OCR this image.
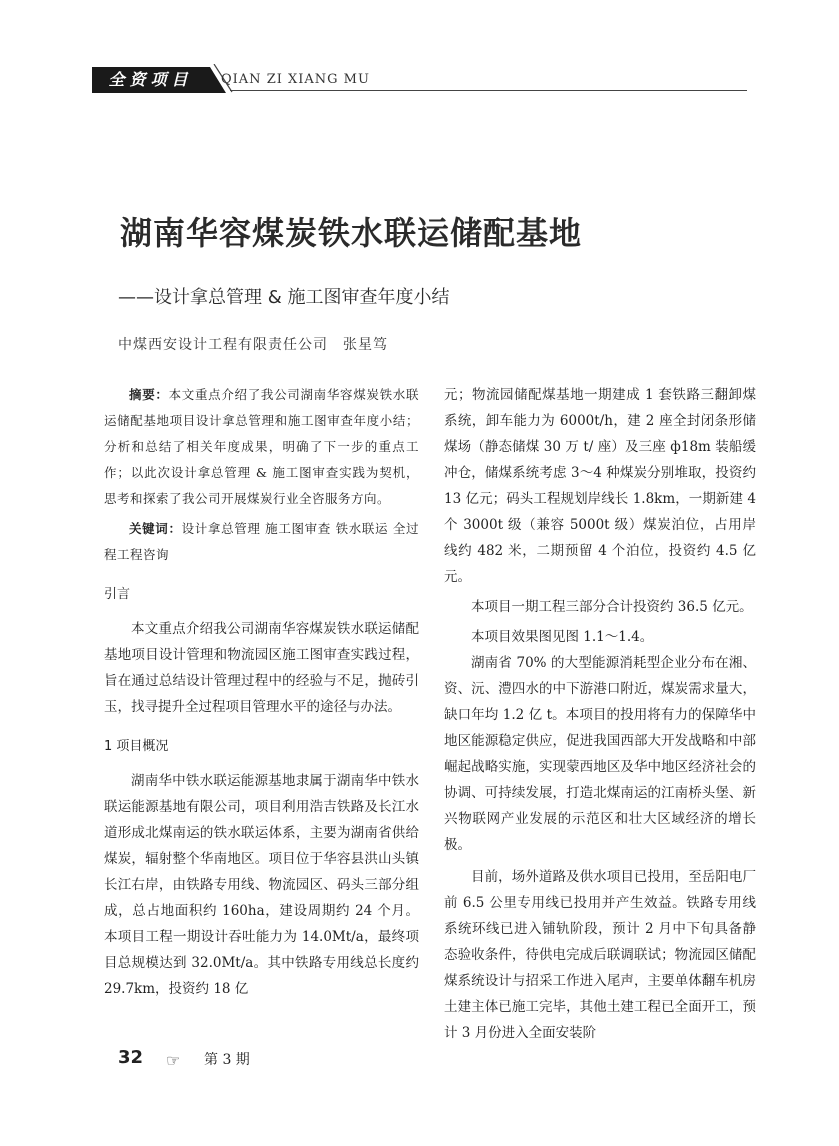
全资项目	QIAN ZI XIANG MU
湖南华容煤炭铁水联运储配基地
——设计拿总管理 & 施工图审查年度小结
中煤西安设计工程有限责任公司　张星笃

摘要：本文重点介绍了我公司湖南华容煤炭铁水联运储配基地项目设计拿总管理和施工图审查年度小结；分析和总结了相关年度成果，明确了下一步的重点工作；以此次设计拿总管理 & 施工图审查实践为契机，思考和探索了我公司开展煤炭行业全咨服务方向。

关键词：设计拿总管理 施工图审查 铁水联运 全过程工程咨询

引言

本文重点介绍我公司湖南华容煤炭铁水联运储配基地项目设计管理和物流园区施工图审查实践过程，旨在通过总结设计管理过程中的经验与不足，抛砖引玉，找寻提升全过程项目管理水平的途径与办法。

1 项目概况

湖南华中铁水联运能源基地隶属于湖南华中铁水联运能源基地有限公司，项目利用浩吉铁路及长江水道形成北煤南运的铁水联运体系，主要为湖南省供给煤炭，辐射整个华南地区。项目位于华容县洪山头镇长江右岸，由铁路专用线、物流园区、码头三部分组成，总占地面积约 160ha，建设周期约 24 个月。本项目工程一期设计吞吐能力为 14.0Mt/a，最终项目总规模达到 32.0Mt/a。其中铁路专用线总长度约 29.7km，投资约 18 亿

元；物流园储配煤基地一期建成 1 套铁路三翻卸煤系统，卸车能力为 6000t/h，建 2 座全封闭条形储煤场（静态储煤 30 万 t/ 座）及三座 ф18m 装船缓冲仓，储煤系统考虑 3～4 种煤炭分别堆取，投资约 13 亿元；码头工程规划岸线长 1.8km，一期新建 4 个 3000t 级（兼容 5000t 级）煤炭泊位，占用岸线约 482 米，二期预留 4 个泊位，投资约 4.5 亿元。

本项目一期工程三部分合计投资约 36.5 亿元。

本项目效果图见图 1.1～1.4。

湖南省 70% 的大型能源消耗型企业分布在湘、资、沅、澧四水的中下游港口附近，煤炭需求量大，缺口年均 1.2 亿 t。本项目的投用将有力的保障华中地区能源稳定供应，促进我国西部大开发战略和中部崛起战略实施，实现蒙西地区及华中地区经济社会的协调、可持续发展，打造北煤南运的江南桥头堡、新兴物联网产业发展的示范区和壮大区域经济的增长极。

目前，场外道路及供水项目已投用，至岳阳电厂前 6.5 公里专用线已投用并产生效益。铁路专用线系统环线已进入铺轨阶段，预计 2 月中下旬具备静态验收条件，待供电完成后联调联试；物流园区储配煤系统设计与招采工作进入尾声，主要单体翻车机房土建主体已施工完毕，其他土建工程已全面开工，预计 3 月份进入全面安装阶

32 ☞ 第 3 期
